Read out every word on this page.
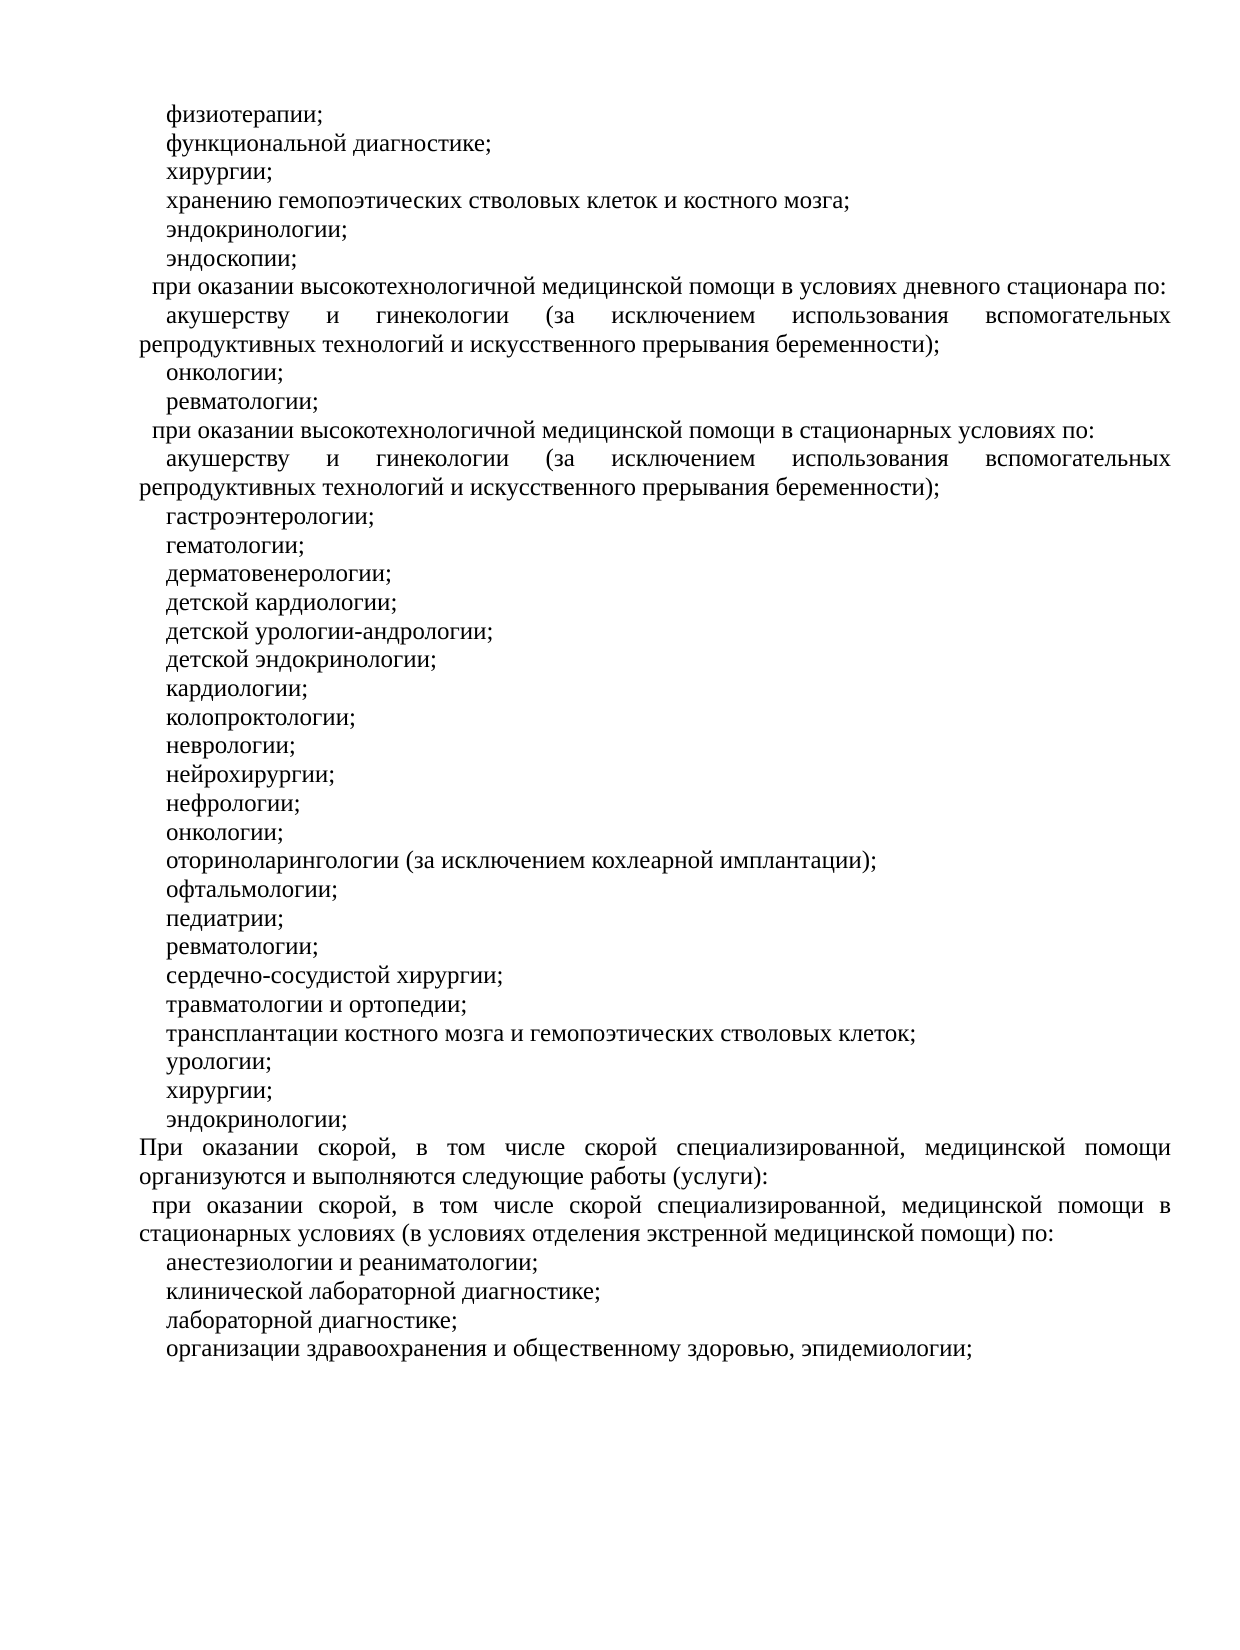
физиотерапии;

функциональной диагностике;

хирургии;

хранению гемопоэтических стволовых клеток и костного мозга;

эндокринологии;

эндоскопии;

при оказании высокотехнологичной медицинской помощи в условиях дневного стационара по:

акушерству и гинекологии (за исключением использования вспомогательных репродуктивных технологий и искусственного прерывания беременности);

онкологии;

ревматологии;

при оказании высокотехнологичной медицинской помощи в стационарных условиях по:

акушерству и гинекологии (за исключением использования вспомогательных репродуктивных технологий и искусственного прерывания беременности);

гастроэнтерологии;

гематологии;

дерматовенерологии;

детской кардиологии;

детской урологии-андрологии;

детской эндокринологии;

кардиологии;

колопроктологии;

неврологии;

нейрохирургии;

нефрологии;

онкологии;

оториноларингологии (за исключением кохлеарной имплантации);

офтальмологии;

педиатрии;

ревматологии;

сердечно-сосудистой хирургии;

травматологии и ортопедии;

трансплантации костного мозга и гемопоэтических стволовых клеток;

урологии;

хирургии;

эндокринологии;

При оказании скорой, в том числе скорой специализированной, медицинской помощи организуются и выполняются следующие работы (услуги):

при оказании скорой, в том числе скорой специализированной, медицинской помощи в стационарных условиях (в условиях отделения экстренной медицинской помощи) по:

анестезиологии и реаниматологии;

клинической лабораторной диагностике;

лабораторной диагностике;

организации здравоохранения и общественному здоровью, эпидемиологии;
